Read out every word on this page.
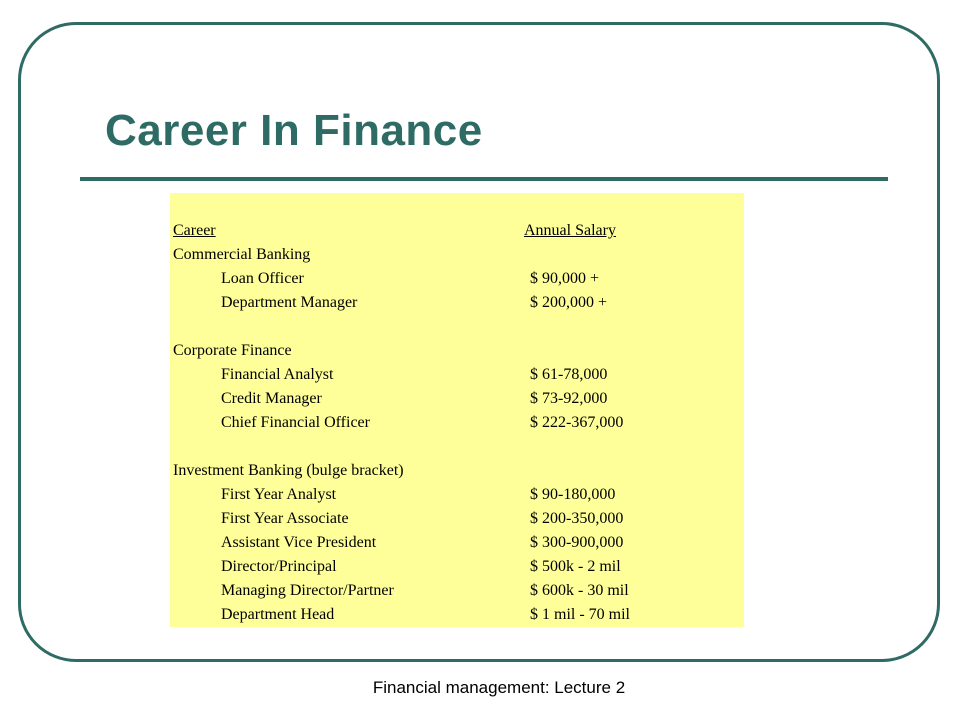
Career In Finance
Career	Annual Salary
Commercial Banking
Loan Officer	$ 90,000 +
Department Manager	$ 200,000 +
Corporate Finance
Financial Analyst	$ 61-78,000
Credit Manager	$ 73-92,000
Chief Financial Officer	$ 222-367,000
Investment Banking (bulge bracket)
First Year Analyst	$ 90-180,000
First Year Associate	$ 200-350,000
Assistant Vice President	$ 300-900,000
Director/Principal	$ 500k - 2 mil
Managing Director/Partner	$ 600k - 30 mil
Department Head	$ 1 mil - 70 mil
Financial management: Lecture 2
